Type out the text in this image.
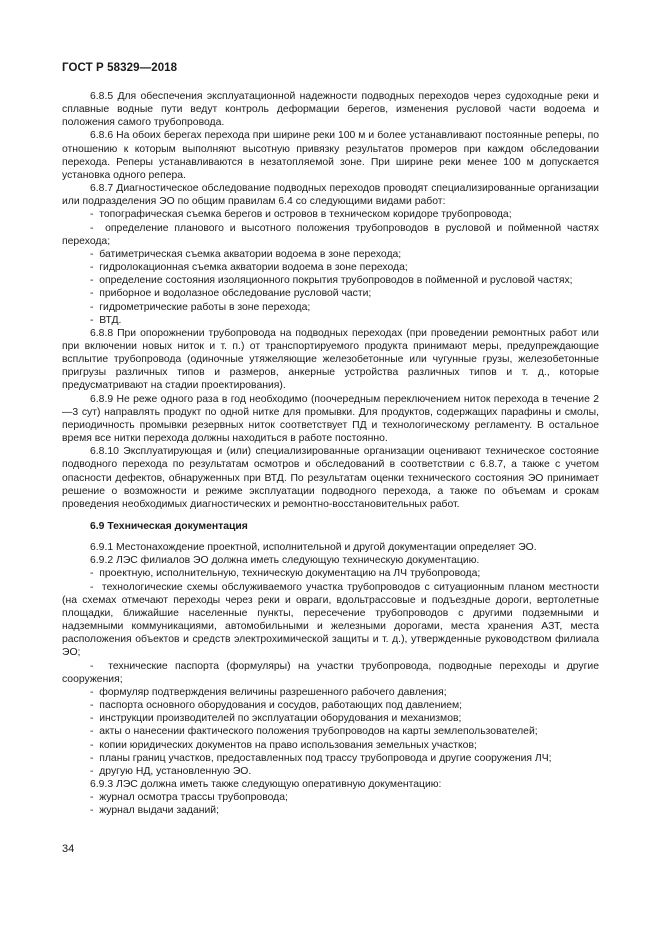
ГОСТ Р 58329—2018

6.8.5 Для обеспечения эксплуатационной надежности подводных переходов через судоходные реки и сплавные водные пути ведут контроль деформации берегов, изменения русловой части водоема и положения самого трубопровода.

6.8.6 На обоих берегах перехода при ширине реки 100 м и более устанавливают постоянные реперы, по отношению к которым выполняют высотную привязку результатов промеров при каждом обследовании перехода. Реперы устанавливаются в незатопляемой зоне. При ширине реки менее 100 м допускается установка одного репера.

6.8.7 Диагностическое обследование подводных переходов проводят специализированные организации или подразделения ЭО по общим правилам 6.4 со следующими видами работ:

-  топографическая съемка берегов и островов в техническом коридоре трубопровода;

-  определение планового и высотного положения трубопроводов в русловой и пойменной частях перехода;

-  батиметрическая съемка акватории водоема в зоне перехода;

-  гидролокационная съемка акватории водоема в зоне перехода;

-  определение состояния изоляционного покрытия трубопроводов в пойменной и русловой частях;

-  приборное и водолазное обследование русловой части;

-  гидрометрические работы в зоне перехода;

-  ВТД.

6.8.8 При опорожнении трубопровода на подводных переходах (при проведении ремонтных работ или при включении новых ниток и т. п.) от транспортируемого продукта принимают меры, предупреждающие всплытие трубопровода (одиночные утяжеляющие железобетонные или чугунные грузы, железобетонные пригрузы различных типов и размеров, анкерные устройства различных типов и т. д., которые предусматривают на стадии проектирования).

6.8.9 Не реже одного раза в год необходимо (поочередным переключением ниток перехода в течение 2—3 сут) направлять продукт по одной нитке для промывки. Для продуктов, содержащих парафины и смолы, периодичность промывки резервных ниток соответствует ПД и технологическому регламенту. В остальное время все нитки перехода должны находиться в работе постоянно.

6.8.10 Эксплуатирующая и (или) специализированные организации оценивают техническое состояние подводного перехода по результатам осмотров и обследований в соответствии с 6.8.7, а также с учетом опасности дефектов, обнаруженных при ВТД. По результатам оценки технического состояния ЭО принимает решение о возможности и режиме эксплуатации подводного перехода, а также по объемам и срокам проведения необходимых диагностических и ремонтно-восстановительных работ.

6.9 Техническая документация

6.9.1 Местонахождение проектной, исполнительной и другой документации определяет ЭО.

6.9.2 ЛЭС филиалов ЭО должна иметь следующую техническую документацию.

-  проектную, исполнительную, техническую документацию на ЛЧ трубопровода;

-  технологические схемы обслуживаемого участка трубопроводов с ситуационным планом местности (на схемах отмечают переходы через реки и овраги, вдольтрассовые и подъездные дороги, вертолетные площадки, ближайшие населенные пункты, пересечение трубопроводов с другими подземными и надземными коммуникациями, автомобильными и железными дорогами, места хранения АЗТ, места расположения объектов и средств электрохимической защиты и т. д.), утвержденные руководством филиала ЭО;

-  технические паспорта (формуляры) на участки трубопровода, подводные переходы и другие сооружения;

-  формуляр подтверждения величины разрешенного рабочего давления;

-  паспорта основного оборудования и сосудов, работающих под давлением;

-  инструкции производителей по эксплуатации оборудования и механизмов;

-  акты о нанесении фактического положения трубопроводов на карты землепользователей;

-  копии юридических документов на право использования земельных участков;

-  планы границ участков, предоставленных под трассу трубопровода и другие сооружения ЛЧ;

-  другую НД, установленную ЭО.

6.9.3 ЛЭС должна иметь также следующую оперативную документацию:

-  журнал осмотра трассы трубопровода;

-  журнал выдачи заданий;

34
